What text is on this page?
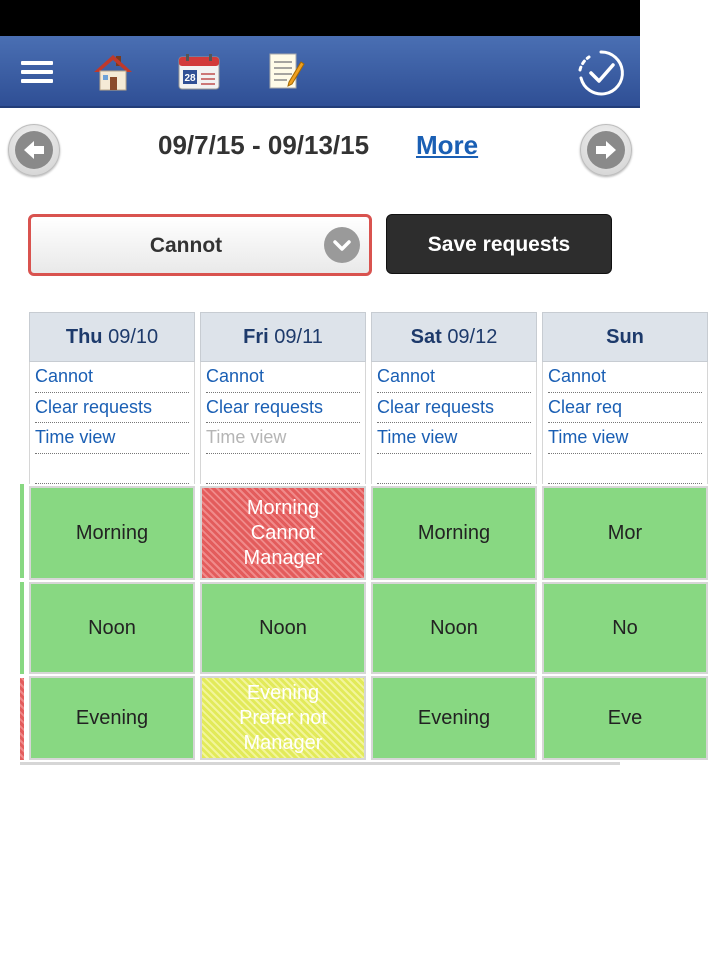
28
09/7/15 - 09/13/15 More
Cannot	Save requests
Thu 09/10
Cannot
Clear requests
Time view
Morning
Noon
Evening
Fri 09/11
Cannot
Clear requests
Time view
Morning
Cannot
Manager
Noon
Evening
Prefer not
Manager
Sat 09/12
Cannot
Clear requests
Time view
Morning
Noon
Evening
Sun
Cannot
Clear req
Time view
Mor
No
Eve
